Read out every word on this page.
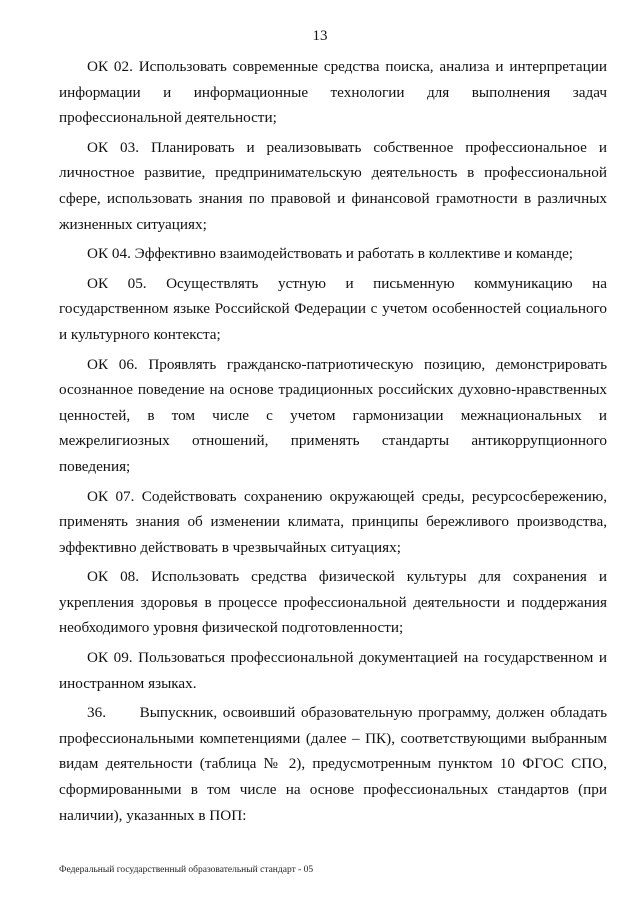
13

ОК 02. Использовать современные средства поиска, анализа и интерпретации информации и информационные технологии для выполнения задач профессиональной деятельности;

ОК 03. Планировать и реализовывать собственное профессиональное и личностное развитие, предпринимательскую деятельность в профессиональной сфере, использовать знания по правовой и финансовой грамотности в различных жизненных ситуациях;

ОК 04. Эффективно взаимодействовать и работать в коллективе и команде;

ОК 05. Осуществлять устную и письменную коммуникацию на государственном языке Российской Федерации с учетом особенностей социального и культурного контекста;

ОК 06. Проявлять гражданско-патриотическую позицию, демонстрировать осознанное поведение на основе традиционных российских духовно-нравственных ценностей, в том числе с учетом гармонизации межнациональных и межрелигиозных отношений, применять стандарты антикоррупционного поведения;

ОК 07. Содействовать сохранению окружающей среды, ресурсосбережению, применять знания об изменении климата, принципы бережливого производства, эффективно действовать в чрезвычайных ситуациях;

ОК 08. Использовать средства физической культуры для сохранения и укрепления здоровья в процессе профессиональной деятельности и поддержания необходимого уровня физической подготовленности;

ОК 09. Пользоваться профессиональной документацией на государственном и иностранном языках.

36.      Выпускник, освоивший образовательную программу, должен обладать профессиональными компетенциями (далее – ПК), соответствующими выбранным видам деятельности (таблица № 2), предусмотренным пунктом 10 ФГОС СПО, сформированными в том числе на основе профессиональных стандартов (при наличии), указанных в ПОП:

Федеральный государственный образовательный стандарт - 05
